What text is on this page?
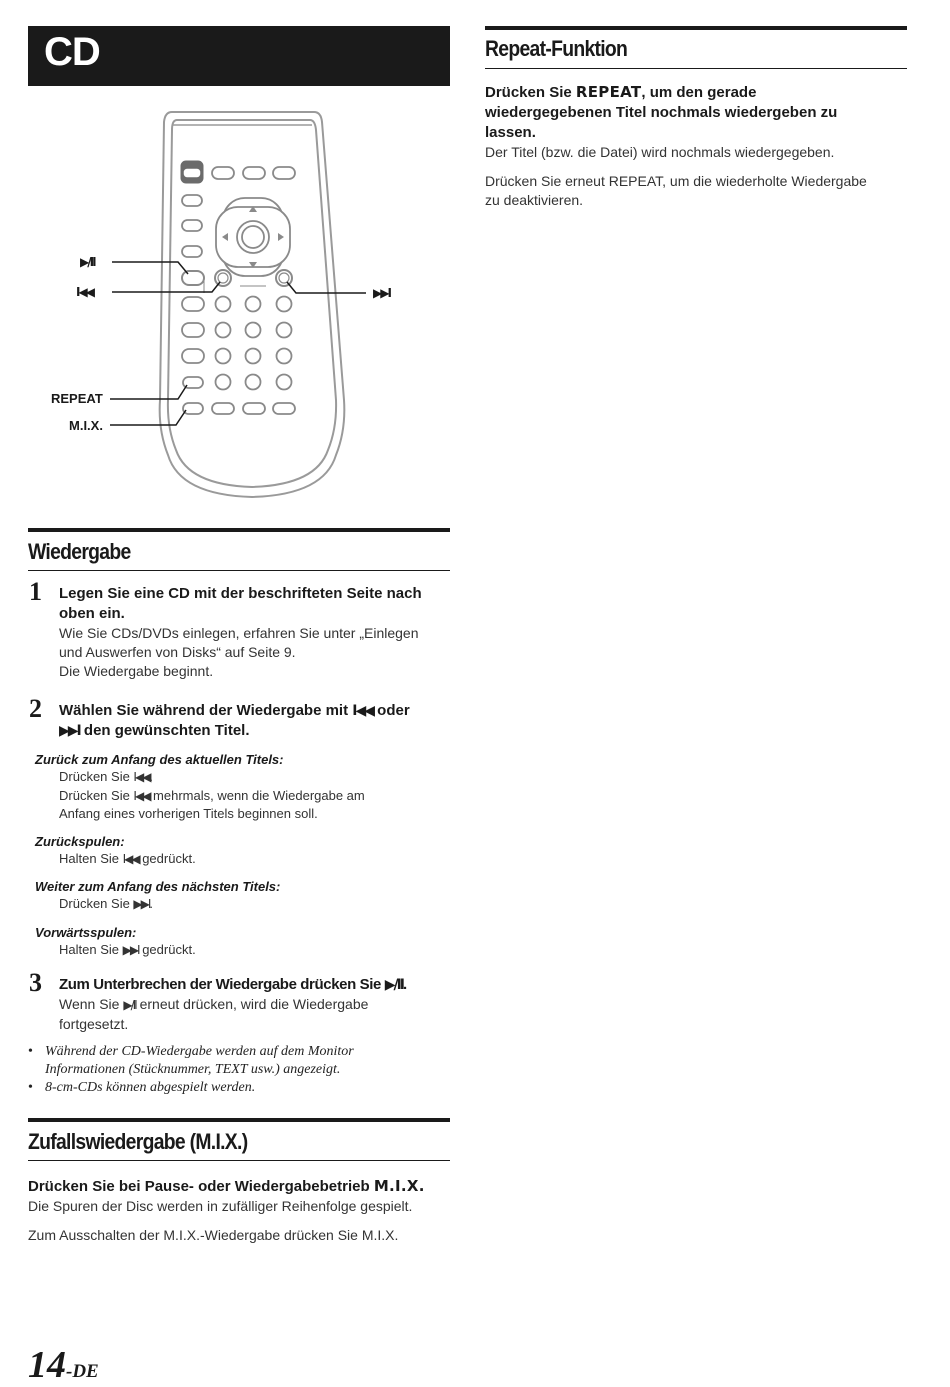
CD
▶/II
I◀◀	▶▶I
REPEAT
M.I.X.
Repeat-Funktion
Drücken Sie REPEAT, um den gerade
wiedergegebenen Titel nochmals wiedergeben zu
lassen.
Der Titel (bzw. die Datei) wird nochmals wiedergegeben.
Drücken Sie erneut REPEAT, um die wiederholte Wiedergabe
zu deaktivieren.
Wiedergabe
1 Legen Sie eine CD mit der beschrifteten Seite nach
oben ein.
Wie Sie CDs/DVDs einlegen, erfahren Sie unter „Einlegen
und Auswerfen von Disks“ auf Seite 9.
Die Wiedergabe beginnt.
2 Wählen Sie während der Wiedergabe mit I◀◀ oder
▶▶I den gewünschten Titel.
Zurück zum Anfang des aktuellen Titels:
Drücken Sie I◀◀.
Drücken Sie I◀◀ mehrmals, wenn die Wiedergabe am
Anfang eines vorherigen Titels beginnen soll.
Zurückspulen:
Halten Sie I◀◀ gedrückt.
Weiter zum Anfang des nächsten Titels:
Drücken Sie ▶▶I.
Vorwärtsspulen:
Halten Sie ▶▶I gedrückt.
3 Zum Unterbrechen der Wiedergabe drücken Sie ▶/II.
Wenn Sie ▶/II erneut drücken, wird die Wiedergabe
fortgesetzt.
• Während der CD-Wiedergabe werden auf dem Monitor
Informationen (Stücknummer, TEXT usw.) angezeigt.
• 8-cm-CDs können abgespielt werden.
Zufallswiedergabe (M.I.X.)
Drücken Sie bei Pause- oder Wiedergabebetrieb M.I.X.
Die Spuren der Disc werden in zufälliger Reihenfolge gespielt.
Zum Ausschalten der M.I.X.-Wiedergabe drücken Sie M.I.X.
14-DE
